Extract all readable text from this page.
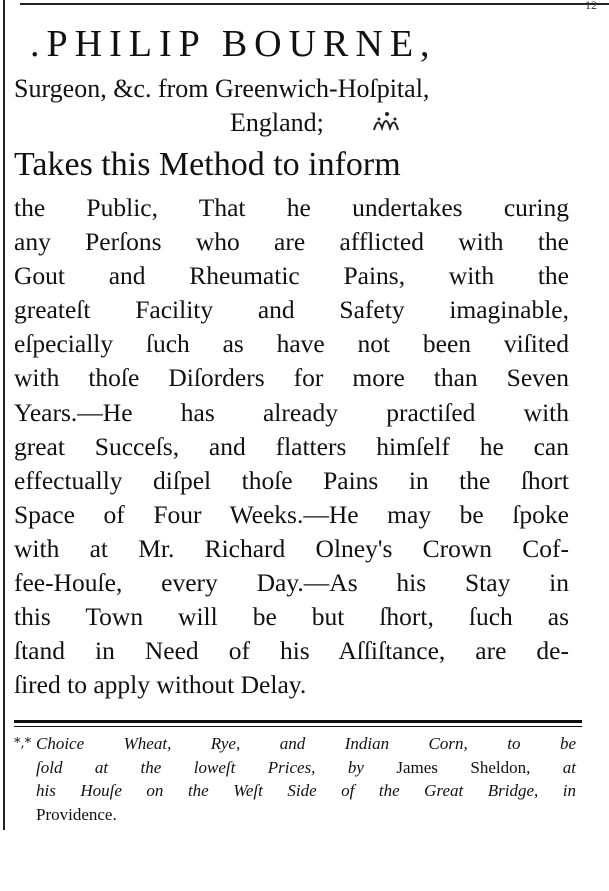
12
.PHILIP BOURNE,
Surgeon, &c. from Greenwich-Hoſpital,
England;
Takes this Method to inform
the Public, That he undertakes curing
any Perſons who are afflicted with the
Gout and Rheumatic Pains, with the
greateſt Facility and Safety imaginable,
eſpecially ſuch as have not been viſited
with thoſe Diſorders for more than Seven
Years.—He has already practiſed with
great Succeſs, and flatters himſelf he can
effectually diſpel thoſe Pains in the ſhort
Space of Four Weeks.—He may be ſpoke
with at Mr. Richard Olney's Crown Cof-
fee-Houſe, every Day.—As his Stay in
this Town will be but ſhort, ſuch as
ſtand in Need of his Aſſiſtance, are de-
ſired to apply without Delay.
*,* Choice Wheat, Rye, and Indian Corn, to be
ſold at the loweſt Prices, by James Sheldon, at
his Houſe on the Weſt Side of the Great Bridge, in
Providence.
